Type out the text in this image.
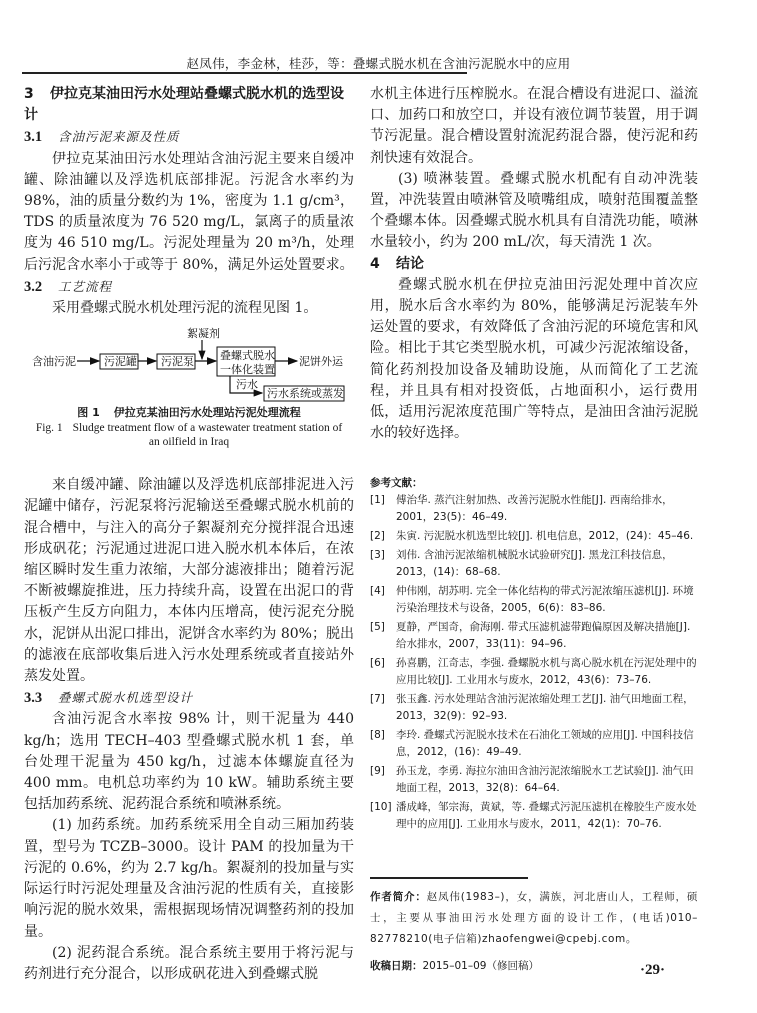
赵凤伟，李金林，桂莎，等：叠螺式脱水机在含油污泥脱水中的应用
3 伊拉克某油田污水处理站叠螺式脱水机的选型设计
3.1 含油污泥来源及性质

伊拉克某油田污水处理站含油污泥主要来自缓冲罐、除油罐以及浮选机底部排泥。污泥含水率约为 98%，油的质量分数约为 1%，密度为 1.1 g/cm³，TDS 的质量浓度为 76 520 mg/L，氯离子的质量浓度为 46 510 mg/L。污泥处理量为 20 m³/h，处理后污泥含水率小于或等于 80%，满足外运处置要求。

3.2 工艺流程

采用叠螺式脱水机处理污泥的流程见图 1。

含油污泥	污泥罐 污泥泵
絮凝剂
叠螺式脱水
一体化装置
泥饼外运
污水
污水系统或蒸发
图 1 伊拉克某油田污水处理站污泥处理流程
Fig. 1 Sludge treatment flow of a wastewater treatment station of an oilfield in Iraq

来自缓冲罐、除油罐以及浮选机底部排泥进入污泥罐中储存，污泥泵将污泥输送至叠螺式脱水机前的混合槽中，与注入的高分子絮凝剂充分搅拌混合迅速形成矾花；污泥通过进泥口进入脱水机本体后，在浓缩区瞬时发生重力浓缩，大部分滤液排出；随着污泥不断被螺旋推进，压力持续升高，设置在出泥口的背压板产生反方向阻力，本体内压增高，使污泥充分脱水，泥饼从出泥口排出，泥饼含水率约为 80%；脱出的滤液在底部收集后进入污水处理系统或者直接站外蒸发处置。

3.3 叠螺式脱水机选型设计

含油污泥含水率按 98% 计，则干泥量为 440 kg/h；选用 TECH–403 型叠螺式脱水机 1 套，单台处理干泥量为 450 kg/h，过滤本体螺旋直径为 400 mm。电机总功率约为 10 kW。辅助系统主要包括加药系统、泥药混合系统和喷淋系统。

(1) 加药系统。加药系统采用全自动三厢加药装置，型号为 TCZB–3000。设计 PAM 的投加量为干污泥的 0.6%，约为 2.7 kg/h。絮凝剂的投加量与实际运行时污泥处理量及含油污泥的性质有关，直接影响污泥的脱水效果，需根据现场情况调整药剂的投加量。

(2) 泥药混合系统。混合系统主要用于将污泥与药剂进行充分混合，以形成矾花进入到叠螺式脱

水机主体进行压榨脱水。在混合槽设有进泥口、溢流口、加药口和放空口，并设有液位调节装置，用于调节污泥量。混合槽设置射流泥药混合器，使污泥和药剂快速有效混合。

(3) 喷淋装置。叠螺式脱水机配有自动冲洗装置，冲洗装置由喷淋管及喷嘴组成，喷射范围覆盖整个叠螺本体。因叠螺式脱水机具有自清洗功能，喷淋水量较小，约为 200 mL/次，每天清洗 1 次。

4 结论

叠螺式脱水机在伊拉克油田污泥处理中首次应用，脱水后含水率约为 80%，能够满足污泥装车外运处置的要求，有效降低了含油污泥的环境危害和风险。相比于其它类型脱水机，可减少污泥浓缩设备，简化药剂投加设备及辅助设施，从而简化了工艺流程，并且具有相对投资低，占地面积小，运行费用低，适用污泥浓度范围广等特点，是油田含油污泥脱水的较好选择。

参考文献：
[1] 傅治华. 蒸汽注射加热、改善污泥脱水性能[J]. 西南给排水，2001，23(5)：46–49.
[2] 朱寅. 污泥脱水机选型比较[J]. 机电信息，2012，(24)：45–46.
[3] 刘伟. 含油污泥浓缩机械脱水试验研究[J]. 黑龙江科技信息，2013，(14)：68–68.
[4] 仲伟刚，胡苏明. 完全一体化结构的带式污泥浓缩压滤机[J]. 环境污染治理技术与设备，2005，6(6)：83–86.
[5] 夏静，严国奇，俞海刚. 带式压滤机滤带跑偏原因及解决措施[J]. 给水排水，2007，33(11)：94–96.
[6] 孙喜鹏，江奇志，李强. 叠螺脱水机与离心脱水机在污泥处理中的应用比较[J]. 工业用水与废水，2012，43(6)：73–76.
[7] 张玉鑫. 污水处理站含油污泥浓缩处理工艺[J]. 油气田地面工程，2013，32(9)：92–93.
[8] 李玲. 叠螺式污泥脱水技术在石油化工领域的应用[J]. 中国科技信息，2012，(16)：49–49.
[9] 孙玉龙，李勇. 海拉尔油田含油污泥浓缩脱水工艺试验[J]. 油气田地面工程，2013，32(8)：64–64.
[10] 潘成峰，邹宗海，黄斌，等. 叠螺式污泥压滤机在橡胶生产废水处理中的应用[J]. 工业用水与废水，2011，42(1)：70–76.
作者简介：赵凤伟(1983–)，女，满族，河北唐山人，工程师，硕士，主要从事油田污水处理方面的设计工作，(电话)010–82778210(电子信箱)zhaofengwei@cpebj.com。
收稿日期：2015–01–09（修回稿）	·29·
